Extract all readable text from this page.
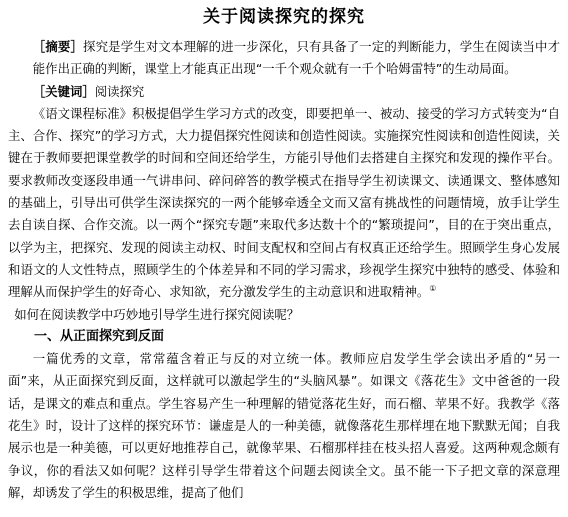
关于阅读探究的探究

［摘要］探究是学生对文本理解的进一步深化，只有具备了一定的判断能力，学生在阅读当中才能作出正确的判断，课堂上才能真正出现“一千个观众就有一千个哈姆雷特”的生动局面。

［关键词］阅读探究

《语文课程标准》积极提倡学生学习方式的改变，即要把单一、被动、接受的学习方式转变为“自主、合作、探究”的学习方式，大力提倡探究性阅读和创造性阅读。实施探究性阅读和创造性阅读，关键在于教师要把课堂教学的时间和空间还给学生，方能引导他们去搭建自主探究和发现的操作平台。要求教师改变逐段串通一气讲串问、碎问碎答的教学模式在指导学生初读课文、读通课文、整体感知的基础上，引导出可供学生深读探究的一两个能够牵透全文而又富有挑战性的问题情境，放手让学生去自读自探、合作交流。以一两个“探究专题”来取代多达数十个的“繁琐提问”，目的在于突出重点，以学为主，把探究、发现的阅读主动权、时间支配权和空间占有权真正还给学生。照顾学生身心发展和语文的人文性特点，照顾学生的个体差异和不同的学习需求，珍视学生探究中独特的感受、体验和理解从而保护学生的好奇心、求知欲，充分激发学生的主动意识和进取精神。①

如何在阅读教学中巧妙地引导学生进行探究阅读呢？

一、从正面探究到反面

一篇优秀的文章，常常蕴含着正与反的对立统一体。教师应启发学生学会读出矛盾的“另一面”来，从正面探究到反面，这样就可以激起学生的“头脑风暴”。如课文《落花生》文中爸爸的一段话，是课文的难点和重点。学生容易产生一种理解的错觉落花生好，而石榴、苹果不好。我教学《落花生》时，设计了这样的探究环节：谦虚是人的一种美德，就像落花生那样埋在地下默默无闻；自我展示也是一种美德，可以更好地推荐自己，就像苹果、石榴那样挂在枝头招人喜爱。这两种观念颇有争议，你的看法又如何呢？这样引导学生带着这个问题去阅读全文。虽不能一下子把文章的深意理解，却诱发了学生的积极思维，提高了他们
